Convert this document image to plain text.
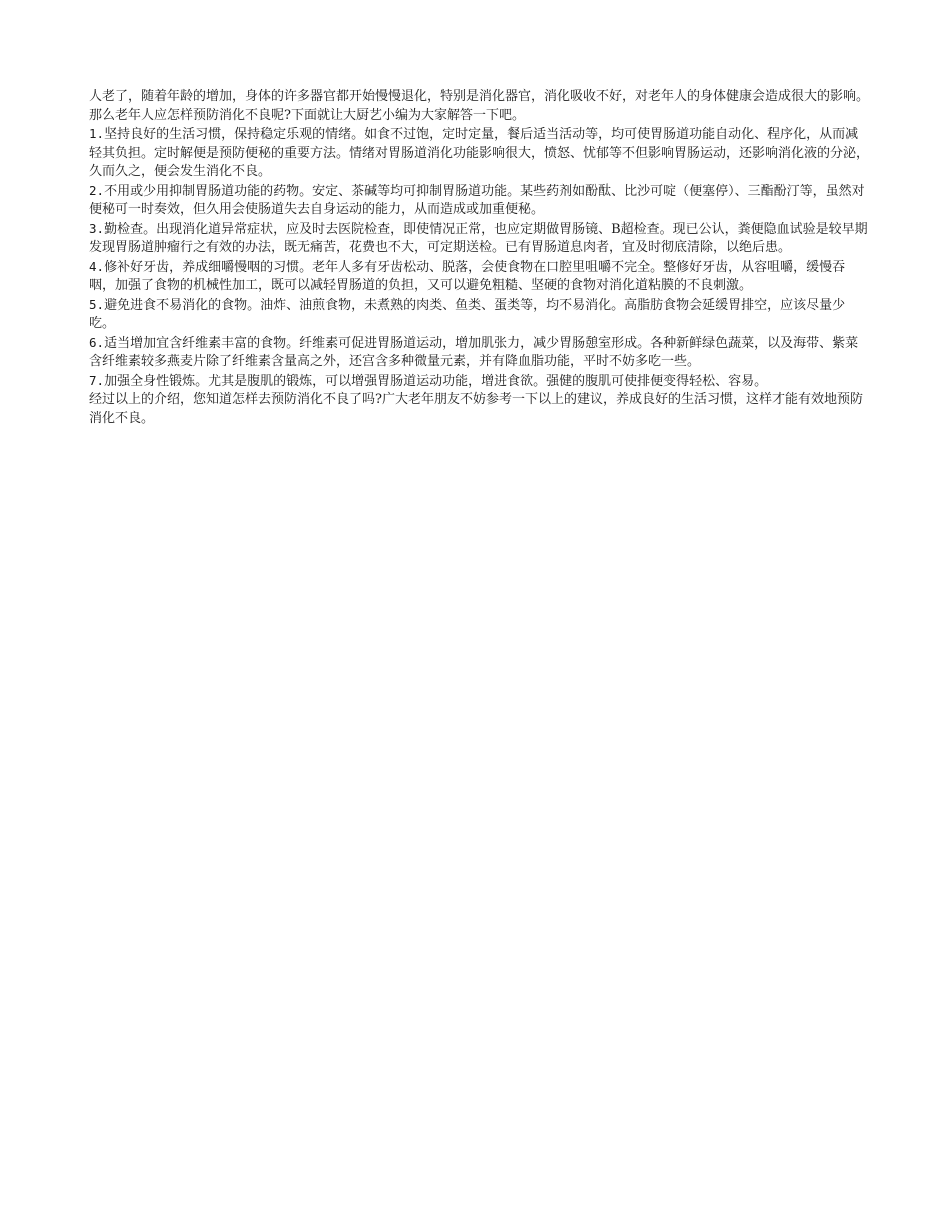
人老了，随着年龄的增加，身体的许多器官都开始慢慢退化，特别是消化器官，消化吸收不好，对老年人的身体健康会造成很大的影响。那么老年人应怎样预防消化不良呢?下面就让大厨艺小编为大家解答一下吧。

1.坚持良好的生活习惯，保持稳定乐观的情绪。如食不过饱，定时定量，餐后适当活动等，均可使胃肠道功能自动化、程序化，从而减轻其负担。定时解便是预防便秘的重要方法。情绪对胃肠道消化功能影响很大，愤怒、忧郁等不但影响胃肠运动，还影响消化液的分泌，久而久之，便会发生消化不良。

2.不用或少用抑制胃肠道功能的药物。安定、茶碱等均可抑制胃肠道功能。某些药剂如酚酞、比沙可啶（便塞停）、三酯酚汀等，虽然对便秘可一时奏效，但久用会使肠道失去自身运动的能力，从而造成或加重便秘。

3.勤检查。出现消化道异常症状，应及时去医院检查，即使情况正常，也应定期做胃肠镜、B超检查。现已公认，粪便隐血试验是较早期发现胃肠道肿瘤行之有效的办法，既无痛苦，花费也不大，可定期送检。已有胃肠道息肉者，宜及时彻底清除，以绝后患。

4.修补好牙齿，养成细嚼慢咽的习惯。老年人多有牙齿松动、脱落，会使食物在口腔里咀嚼不完全。整修好牙齿，从容咀嚼，缓慢吞咽，加强了食物的机械性加工，既可以减轻胃肠道的负担，又可以避免粗糙、坚硬的食物对消化道粘膜的不良刺激。

5.避免进食不易消化的食物。油炸、油煎食物，未煮熟的肉类、鱼类、蛋类等，均不易消化。高脂肪食物会延缓胃排空，应该尽量少吃。

6.适当增加宜含纤维素丰富的食物。纤维素可促进胃肠道运动，增加肌张力，减少胃肠憩室形成。各种新鲜绿色蔬菜，以及海带、紫菜含纤维素较多燕麦片除了纤维素含量高之外，还宫含多种微量元素，并有降血脂功能，平时不妨多吃一些。

7.加强全身性锻炼。尤其是腹肌的锻炼，可以增强胃肠道运动功能，增进食欲。强健的腹肌可使排便变得轻松、容易。

经过以上的介绍，您知道怎样去预防消化不良了吗?广大老年朋友不妨参考一下以上的建议，养成良好的生活习惯，这样才能有效地预防消化不良。
